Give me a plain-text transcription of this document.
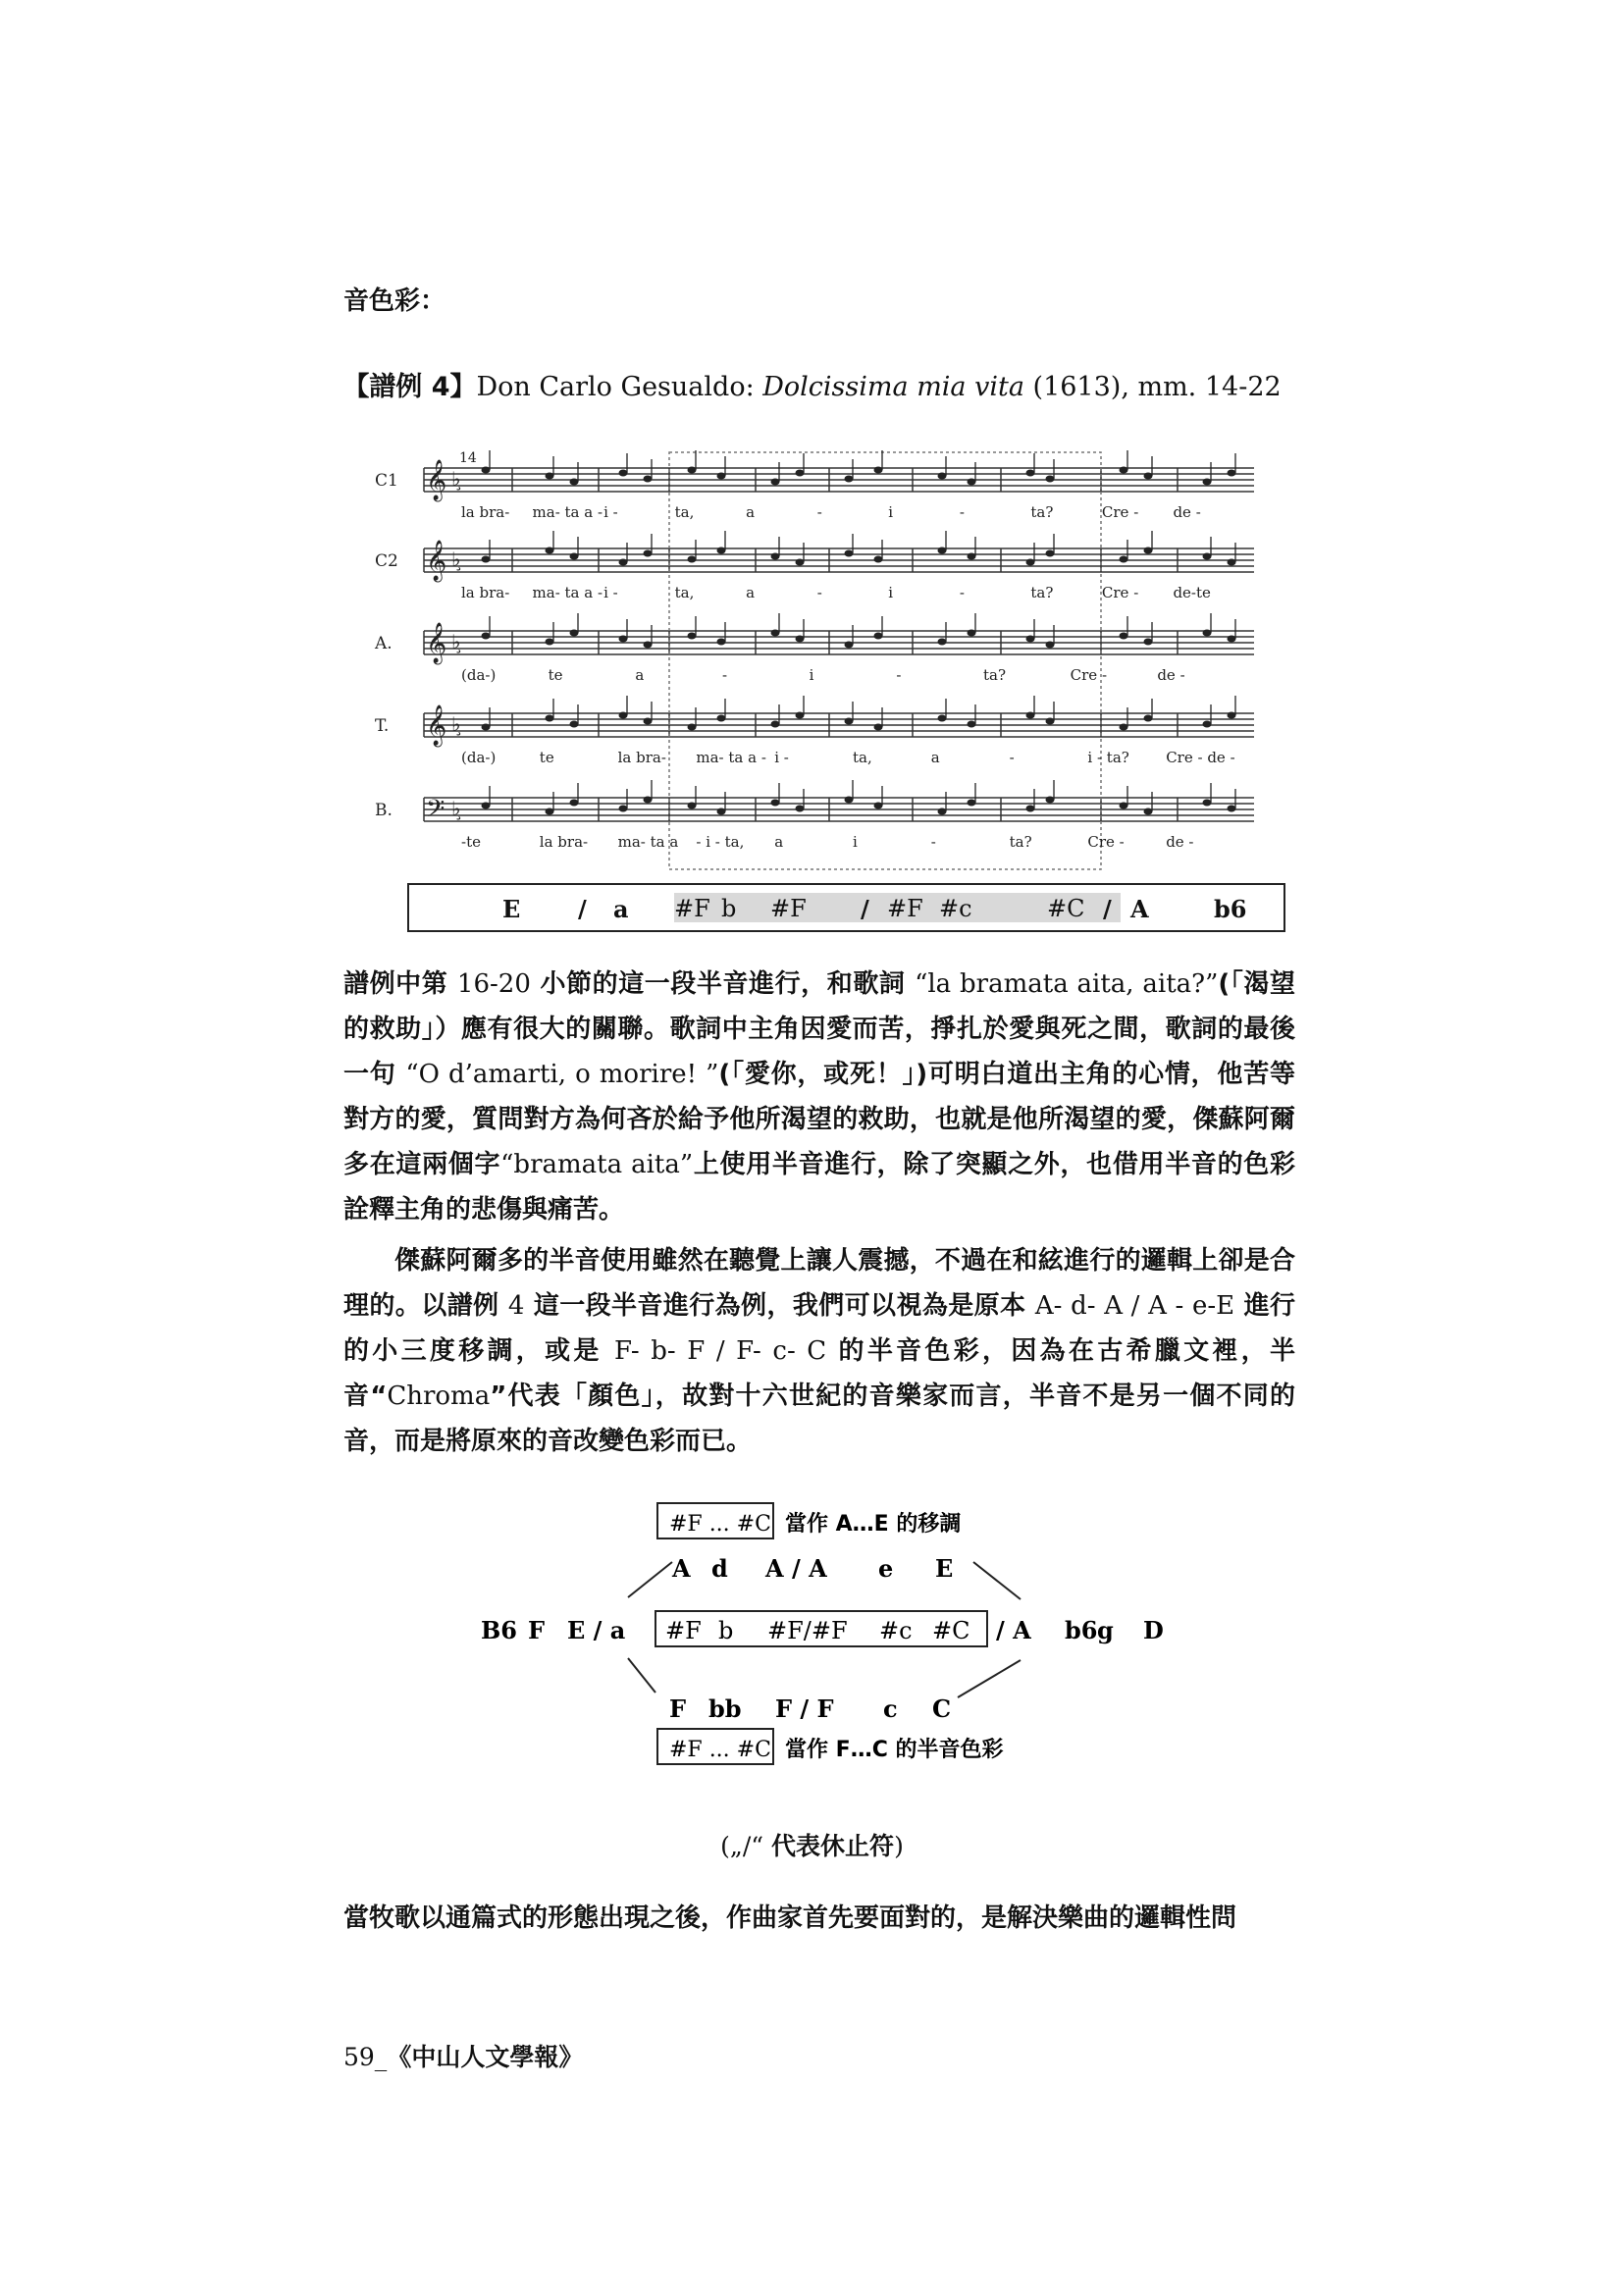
音色彩：
【譜例 4】Don Carlo Gesualdo: Dolcissima mia vita (1613), mm. 14-22
14
C1 𝄞 ♭
la bra- ma- ta a - i -	ta,	a	-	i	-	ta?	Cre - de -
C2 𝄞 ♭
la bra- ma- ta a - i -	ta,	a	-	i	-	ta?	Cre - de-te
A. 𝄞 ♭
(da-)	te	a	-	i	-	ta?	Cre -	de -
T. 𝄞 ♭
(da-)	te	la bra- ma- ta a - i -	ta,	a	-	i - ta? Cre - de -
B. 𝄢 ♭
-te	la bra- ma- ta a - i - ta, a	i	-	ta?	Cre -	de -
E / a #F b #F / #F #c	#C / A	b6
譜例中第 16-20 小節的這一段半音進行，和歌詞 “la bramata aita, aita?”(「渴望的救助」）應有很大的關聯。歌詞中主角因愛而苦，掙扎於愛與死之間，歌詞的最後一句 “O d’amarti, o morire! ”(「愛你，或死！」)可明白道出主角的心情，他苦等對方的愛，質問對方為何吝於給予他所渴望的救助，也就是他所渴望的愛，傑蘇阿爾多在這兩個字“bramata aita”上使用半音進行，除了突顯之外，也借用半音的色彩詮釋主角的悲傷與痛苦。
傑蘇阿爾多的半音使用雖然在聽覺上讓人震撼，不過在和絃進行的邏輯上卻是合理的。以譜例 4 這一段半音進行為例，我們可以視為是原本 A- d- A / A - e-E 進行的小三度移調，或是 F- b- F / F- c- C 的半音色彩，因為在古希臘文裡，半音“Chroma”代表「顏色」，故對十六世紀的音樂家而言，半音不是另一個不同的音，而是將原來的音改變色彩而已。
#F ... #C 當作 A…E 的移調
A d A / A e E
B6 F E / a #F b #F/#F #c #C / A b6 g D
F bb F / F c C
#F ... #C 當作 F…C 的半音色彩
(„/“ 代表休止符)
當牧歌以通篇式的形態出現之後，作曲家首先要面對的，是解決樂曲的邏輯性問
59_《中山人文學報》
